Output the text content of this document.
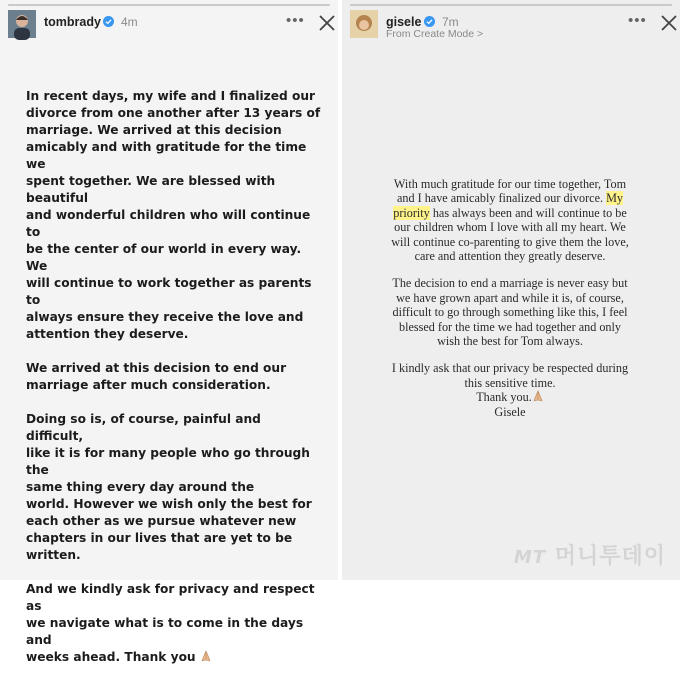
tombrady 4m	•••

In recent days, my wife and I finalized our
divorce from one another after 13 years of
marriage. We arrived at this decision
amicably and with gratitude for the time we
spent together. We are blessed with beautiful
and wonderful children who will continue to
be the center of our world in every way. We
will continue to work together as parents to
always ensure they receive the love and
attention they deserve.

We arrived at this decision to end our
marriage after much consideration.

Doing so is, of course, painful and difficult,
like it is for many people who go through the
same thing every day around the
world. However we wish only the best for
each other as we pursue whatever new
chapters in our lives that are yet to be
written.

And we kindly ask for privacy and respect as
we navigate what is to come in the days and
weeks ahead. Thank you

gisele 7m
From Create Mode >
•••

With much gratitude for our time together, Tom
and I have amicably finalized our divorce. My
priority has always been and will continue to be
our children whom I love with all my heart. We
will continue co-parenting to give them the love,
care and attention they greatly deserve.

The decision to end a marriage is never easy but
we have grown apart and while it is, of course,
difficult to go through something like this, I feel
blessed for the time we had together and only
wish the best for Tom always.

I kindly ask that our privacy be respected during
this sensitive time.

Thank you.
Gisele
MT 머니투데이
